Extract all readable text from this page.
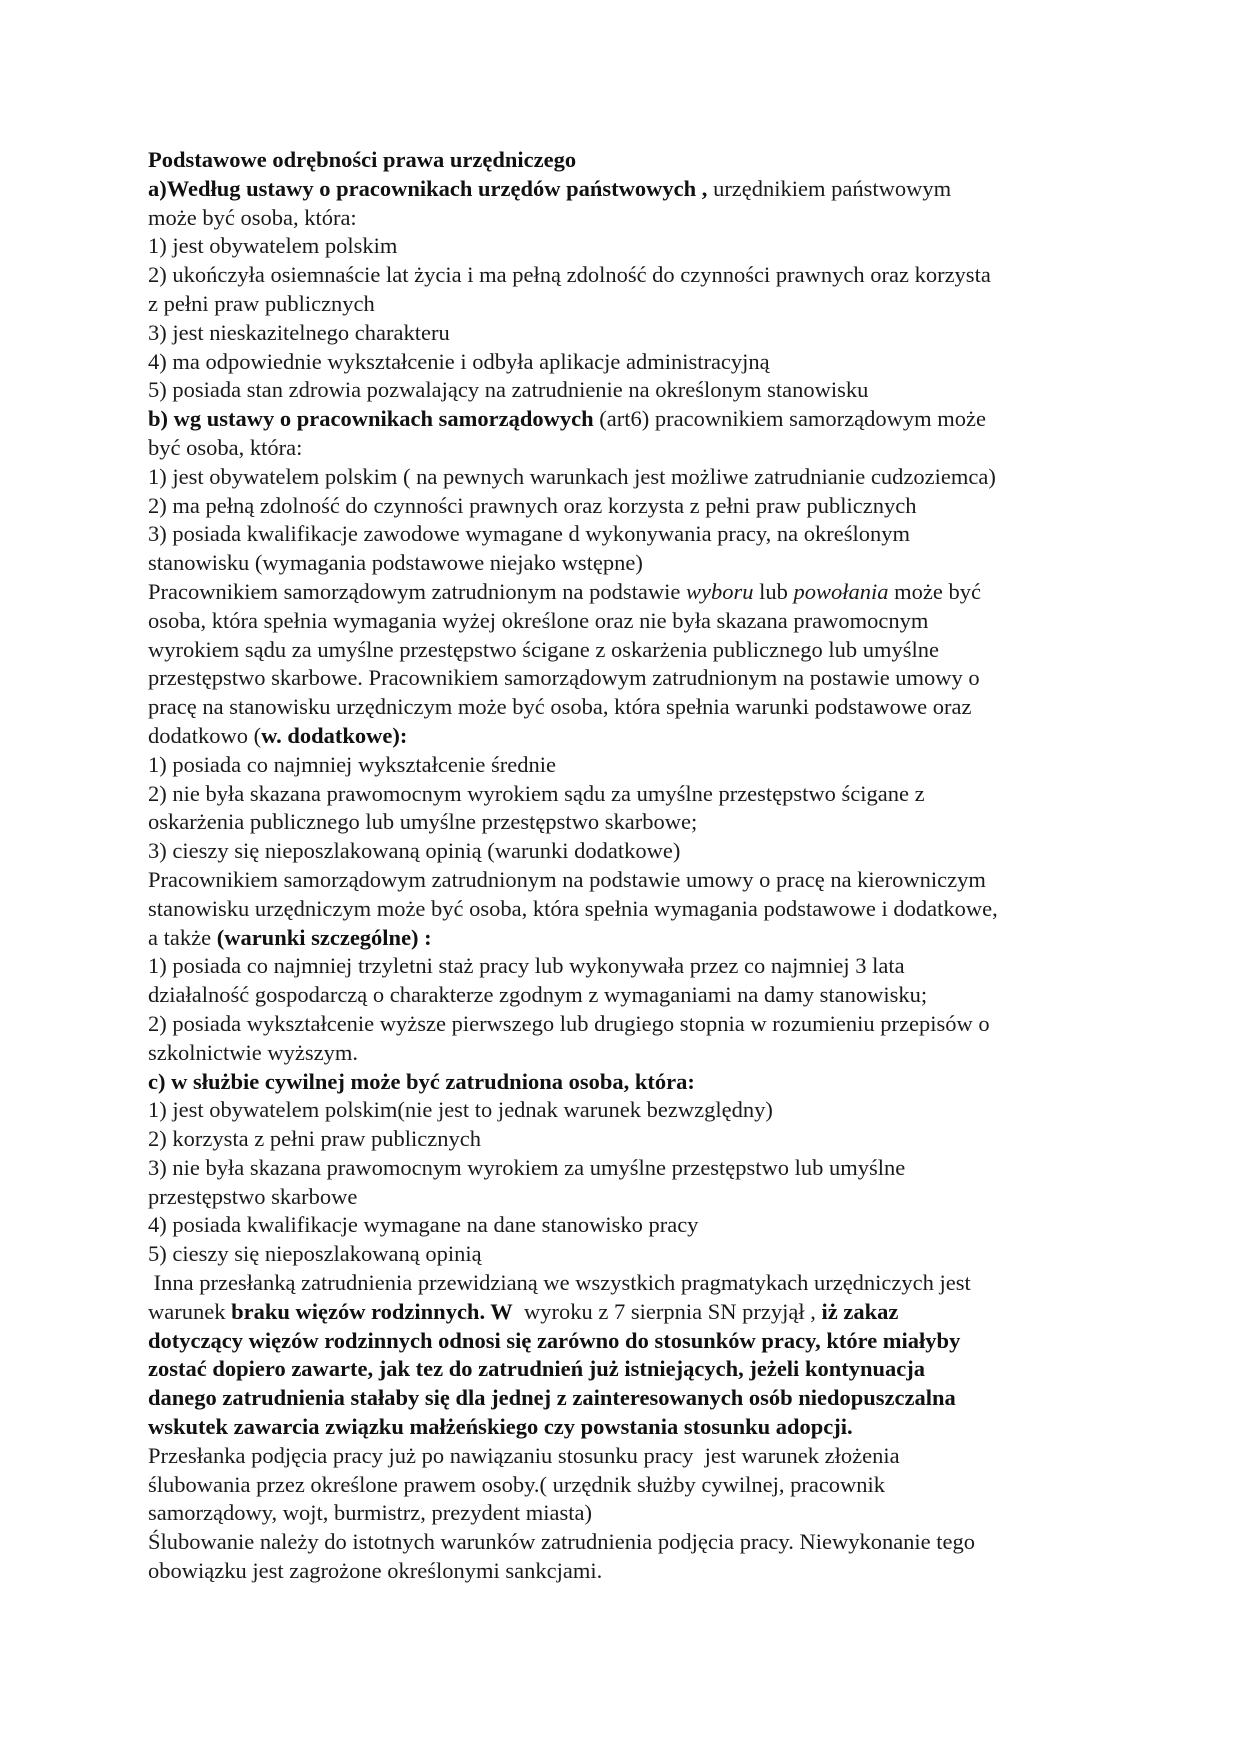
Podstawowe odrębności prawa urzędniczego
a)Według ustawy o pracownikach urzędów państwowych , urzędnikiem państwowym
może być osoba, która:
1) jest obywatelem polskim
2) ukończyła osiemnaście lat życia i ma pełną zdolność do czynności prawnych oraz korzysta
z pełni praw publicznych
3) jest nieskazitelnego charakteru
4) ma odpowiednie wykształcenie i odbyła aplikacje administracyjną
5) posiada stan zdrowia pozwalający na zatrudnienie na określonym stanowisku
b) wg ustawy o pracownikach samorządowych (art6) pracownikiem samorządowym może
być osoba, która:
1) jest obywatelem polskim ( na pewnych warunkach jest możliwe zatrudnianie cudzoziemca)
2) ma pełną zdolność do czynności prawnych oraz korzysta z pełni praw publicznych
3) posiada kwalifikacje zawodowe wymagane d wykonywania pracy, na określonym
stanowisku (wymagania podstawowe niejako wstępne)
Pracownikiem samorządowym zatrudnionym na podstawie wyboru lub powołania może być
osoba, która spełnia wymagania wyżej określone oraz nie była skazana prawomocnym
wyrokiem sądu za umyślne przestępstwo ścigane z oskarżenia publicznego lub umyślne
przestępstwo skarbowe. Pracownikiem samorządowym zatrudnionym na postawie umowy o
pracę na stanowisku urzędniczym może być osoba, która spełnia warunki podstawowe oraz
dodatkowo (w. dodatkowe):
1) posiada co najmniej wykształcenie średnie
2) nie była skazana prawomocnym wyrokiem sądu za umyślne przestępstwo ścigane z
oskarżenia publicznego lub umyślne przestępstwo skarbowe;
3) cieszy się nieposzlakowaną opinią (warunki dodatkowe)
Pracownikiem samorządowym zatrudnionym na podstawie umowy o pracę na kierowniczym
stanowisku urzędniczym może być osoba, która spełnia wymagania podstawowe i dodatkowe,
a także (warunki szczególne) :
1) posiada co najmniej trzyletni staż pracy lub wykonywała przez co najmniej 3 lata
działalność gospodarczą o charakterze zgodnym z wymaganiami na damy stanowisku;
2) posiada wykształcenie wyższe pierwszego lub drugiego stopnia w rozumieniu przepisów o
szkolnictwie wyższym.
c) w służbie cywilnej może być zatrudniona osoba, która:
1) jest obywatelem polskim(nie jest to jednak warunek bezwzględny)
2) korzysta z pełni praw publicznych
3) nie była skazana prawomocnym wyrokiem za umyślne przestępstwo lub umyślne
przestępstwo skarbowe
4) posiada kwalifikacje wymagane na dane stanowisko pracy
5) cieszy się nieposzlakowaną opinią
Inna przesłanką zatrudnienia przewidzianą we wszystkich pragmatykach urzędniczych jest
warunek braku więzów rodzinnych. W  wyroku z 7 sierpnia SN przyjął , iż zakaz
dotyczący więzów rodzinnych odnosi się zarówno do stosunków pracy, które miałyby
zostać dopiero zawarte, jak tez do zatrudnień już istniejących, jeżeli kontynuacja
danego zatrudnienia stałaby się dla jednej z zainteresowanych osób niedopuszczalna
wskutek zawarcia związku małżeńskiego czy powstania stosunku adopcji.
Przesłanka podjęcia pracy już po nawiązaniu stosunku pracy  jest warunek złożenia
ślubowania przez określone prawem osoby.( urzędnik służby cywilnej, pracownik
samorządowy, wojt, burmistrz, prezydent miasta)
Ślubowanie należy do istotnych warunków zatrudnienia podjęcia pracy. Niewykonanie tego
obowiązku jest zagrożone określonymi sankcjami.
